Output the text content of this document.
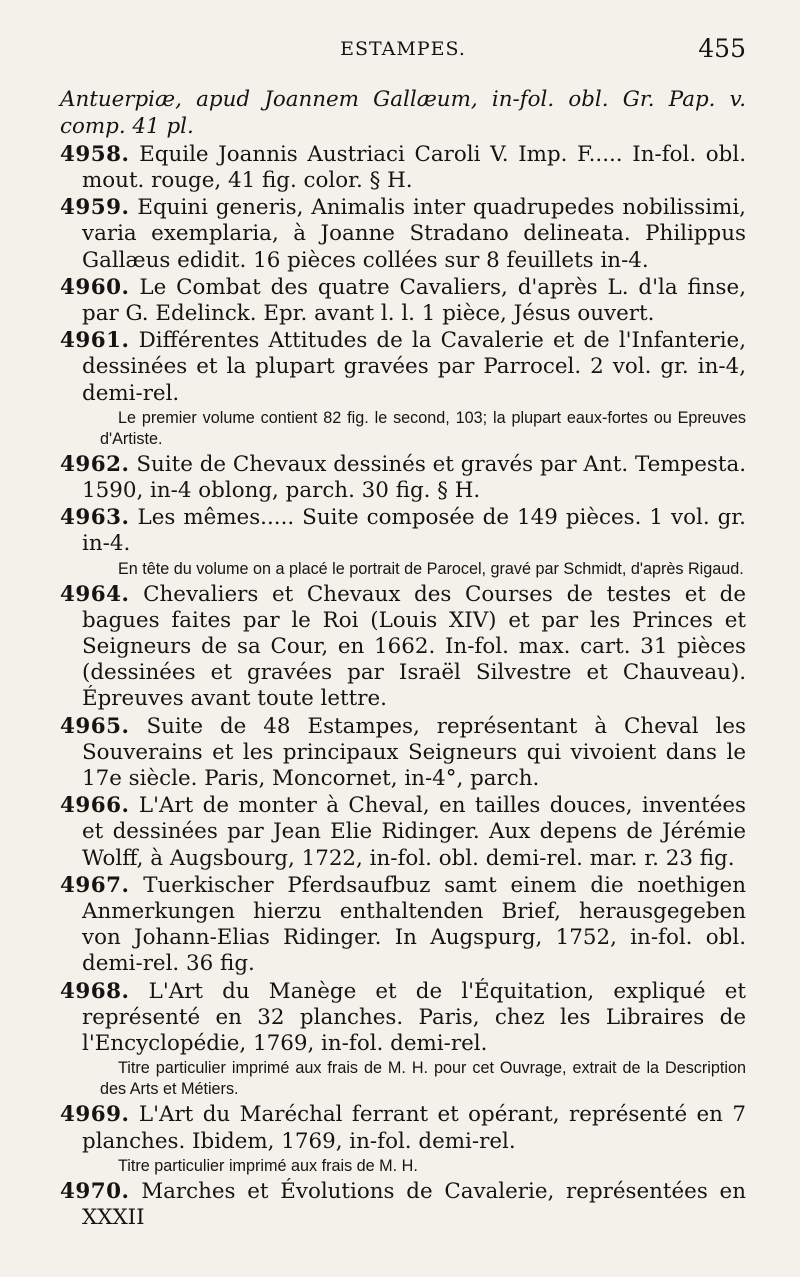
ESTAMPES.	455

Antuerpiæ, apud Joannem Gallæum, in-fol. obl. Gr. Pap. v. comp. 41 pl.

4958. Equile Joannis Austriaci Caroli V. Imp. F..... In-fol. obl. mout. rouge, 41 fig. color. § H.

4959. Equini generis, Animalis inter quadrupedes nobilissimi, varia exemplaria, à Joanne Stradano delineata. Philippus Gallæus edidit. 16 pièces collées sur 8 feuillets in-4.

4960. Le Combat des quatre Cavaliers, d'après L. d'la finse, par G. Edelinck. Epr. avant l. l. 1 pièce, Jésus ouvert.

4961. Différentes Attitudes de la Cavalerie et de l'Infanterie, dessinées et la plupart gravées par Parrocel. 2 vol. gr. in-4, demi-rel.

Le premier volume contient 82 fig. le second, 103; la plupart eaux-fortes ou Epreuves d'Artiste.

4962. Suite de Chevaux dessinés et gravés par Ant. Tempesta. 1590, in-4 oblong, parch. 30 fig. § H.

4963. Les mêmes..... Suite composée de 149 pièces. 1 vol. gr. in-4.

En tête du volume on a placé le portrait de Parocel, gravé par Schmidt, d'après Rigaud.

4964. Chevaliers et Chevaux des Courses de testes et de bagues faites par le Roi (Louis XIV) et par les Princes et Seigneurs de sa Cour, en 1662. In-fol. max. cart. 31 pièces (dessinées et gravées par Israël Silvestre et Chauveau). Épreuves avant toute lettre.

4965. Suite de 48 Estampes, représentant à Cheval les Souverains et les principaux Seigneurs qui vivoient dans le 17e siècle. Paris, Moncornet, in-4°, parch.

4966. L'Art de monter à Cheval, en tailles douces, inventées et dessinées par Jean Elie Ridinger. Aux depens de Jérémie Wolff, à Augsbourg, 1722, in-fol. obl. demi-rel. mar. r. 23 fig.

4967. Tuerkischer Pferdsaufbuz samt einem die noethigen Anmerkungen hierzu enthaltenden Brief, herausgegeben von Johann-Elias Ridinger. In Augspurg, 1752, in-fol. obl. demi-rel. 36 fig.

4968. L'Art du Manège et de l'Équitation, expliqué et représenté en 32 planches. Paris, chez les Libraires de l'Encyclopédie, 1769, in-fol. demi-rel.

Titre particulier imprimé aux frais de M. H. pour cet Ouvrage, extrait de la Description des Arts et Métiers.

4969. L'Art du Maréchal ferrant et opérant, représenté en 7 planches. Ibidem, 1769, in-fol. demi-rel.

Titre particulier imprimé aux frais de M. H.

4970. Marches et Évolutions de Cavalerie, représentées en XXXII
